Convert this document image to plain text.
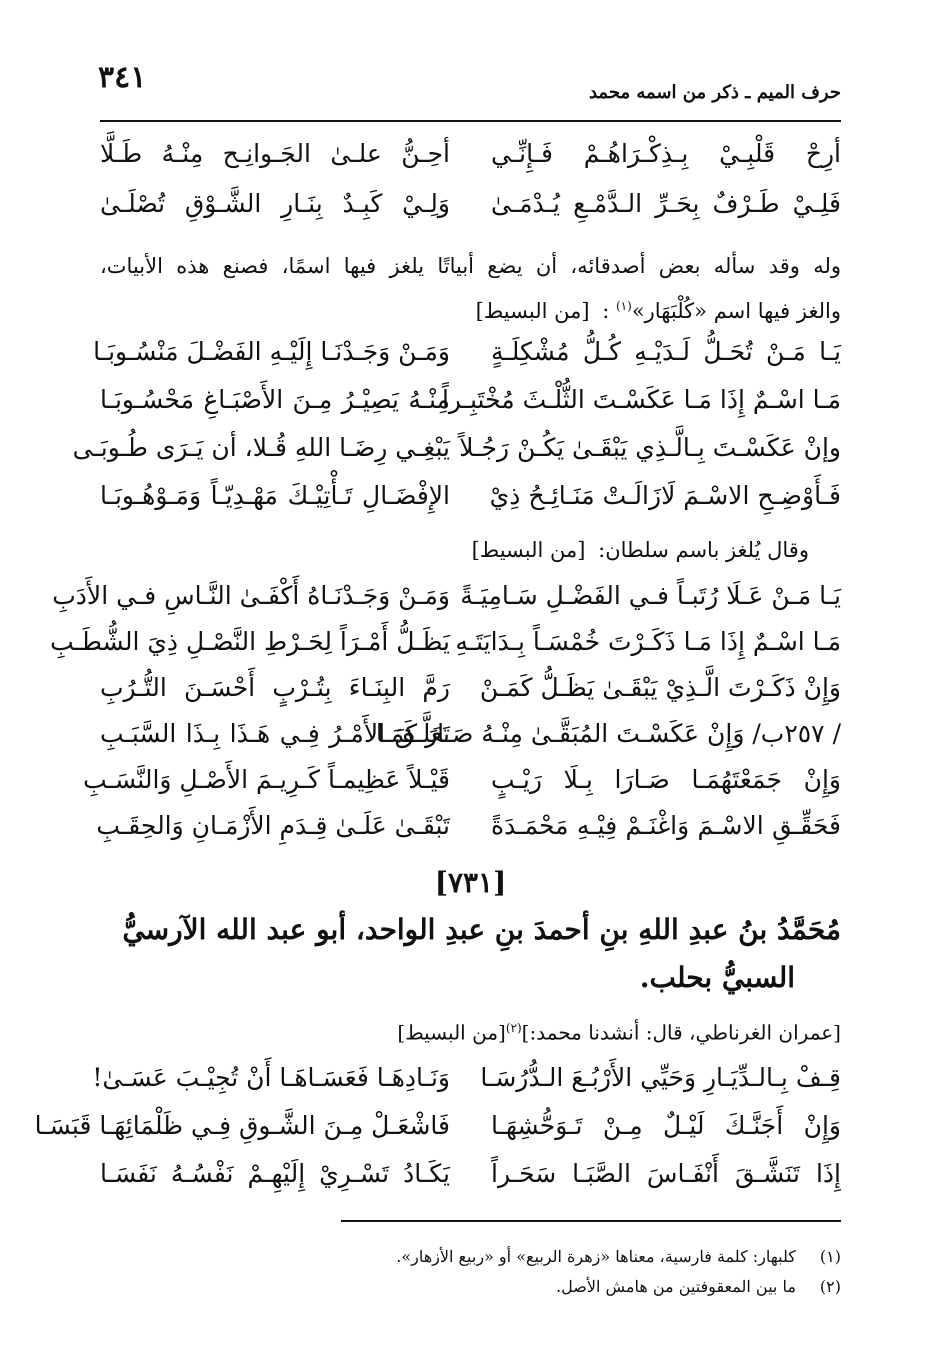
٣٤١	حرف الميم ـ ذكر من اسمه محمد
أرِحْ قَلْبِـيْ بِـذِكْـرَاهُـمْ فَـإِنِّـي
أحِـنُّ علـىٰ الجَـوانِـح مِنْـهُ طَـلَّا
فَلِـيْ طَـرْفٌ بِحَـرِّ الـدَّمْـعِ يُـدْمَـىٰ
وَلِـيْ كَبِـدٌ بِنَـارِ الشَّـوْقِ تُصْلَـىٰ
وله وقد سأله بعض أصدقائه، أن يضع أبياتًا يلغز فيها اسمًا، فصنع هذه الأبيات،
والغز فيها اسم «كُلْبَهَار»$^{(١)}$ : [من البسيط]
يَـا مَـنْ تُحَـلُّ لَـدَيْـهِ كُـلُّ مُشْكِلَـةٍ
وَمَـنْ وَجَـدْنَـا إِلَيْـهِ الفَضْـلَ مَنْسُـوبَـا
مَـا اسْـمٌ إِذَا مَـا عَكَسْـتَ الثُّلْـثَ مُخْتَبِـراً
مِنْـهُ يَصِيْـرُ مِـنَ الأَصْبَـاغِ مَحْسُـوبَـا
وإنْ عَكَسْـتَ بِـالَّـذِي يَبْقَـىٰ يَكُـنْ رَجُـلاً
يَبْغِـي رِضَـا اللهِ قُـلا، أن يَـرَى طُـوبَـى
فَـأَوْضِـحِ الاسْـمَ لَازَالَـتْ مَنَـائِـحُ ذِيْ
الإِفْضَـالِ تَـأْتِيْـكَ مَهْـدِيّـاً وَمَـوْهُـوبَـا
وقال يُلغز باسم سلطان: [من البسيط]
يَـا مَـنْ عَـلَا رُتَبـاً فـي الفَضْـلِ سَـامِيَـةً
وَمَـنْ وَجَـدْنَـاهُ أَكْفَـىٰ النَّـاسِ فـي الأَدَبِ
مَـا اسْـمٌ إِذَا مَـا ذَكَـرْتَ خُمْسَـاً بِـدَايَتَـهِ
يَظَـلُّ أَمْـرَاً لِحَـرْطِ النَّصْـلِ ذِيَ الشُّطَـبِ
وَإِنْ ذَكَـرْتَ الَّـذِيْ يَبْقَـىٰ يَظَـلُّ كَمَـنْ
رَمَّ البِنَـاءَ بِتُـرْبٍ أَحْسَـنَ التُّـرُبِ
/ ٢٥٧ب/ وَإِنْ عَكَسْـتَ المُبَقَّـىٰ مِنْـهُ صَـارَ كَمَـا
تَعَلَّـقَ الأَمْـرُ فِـي هَـذَا بِـذَا السَّبَـبِ
وَإِنْ جَمَعْتَهُمَـا صَـارَا بِـلَا رَيْـبٍ
قَيْـلاً عَظِيمـاً كَـرِيـمَ الأَصْـلِ وَالنَّسَـبِ
فَحَقِّـقِ الاسْـمَ وَاغْنَـمْ فِيْـهِ مَحْمَـدَةً
تَبْقَـىٰ عَلَـىٰ قِـدَمِ الأَزْمَـانِ وَالحِقَـبِ
[٧٣١]
مُحَمَّدُ بنُ عبدِ اللهِ بنِ أحمدَ بنِ عبدِ الواحد، أبو عبد الله الآرسيُّ
السبيُّ بحلب.
[عمران الغرناطي، قال: أنشدنا محمد:]$^{(٢)}$[من البسيط]
قِـفْ بِـالـدِّيَـارِ وَحَيِّي الأَرْبُـعَ الـدُّرُسَـا
وَنَـادِهَـا فَعَسَـاهَـا أَنْ تُجِيْـبَ عَسَـىٰ!
وَإِنْ أَجَنَّـكَ لَيْـلٌ مِـنْ تَـوَحُّشِهَـا
فَاشْعَـلْ مِـنَ الشَّـوقِ فِـي ظَلْمَائِهَـا قَبَسَـا
إِذَا تَنَشَّـقَ أَنْفَـاسَ الصَّبَـا سَحَـراً
يَكَـادُ تَسْـرِيْ إِلَيْهِـمْ نَفْسُـهُ نَفَسَـا
(١) كلبهار: كلمة فارسية، معناها «زهرة الربيع» أو «ربيع الأزهار».
(٢) ما بين المعقوفتين من هامش الأصل.
